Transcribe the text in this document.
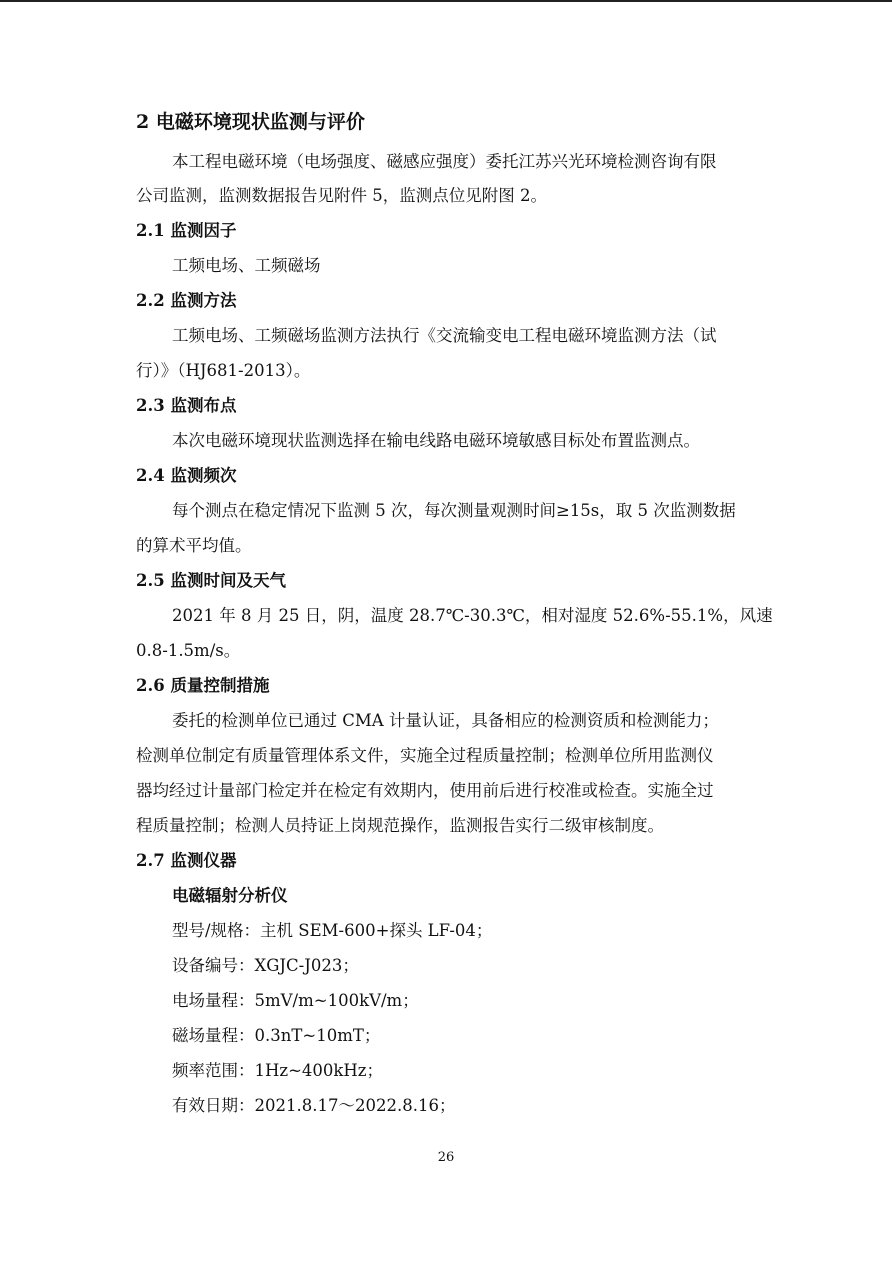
2 电磁环境现状监测与评价
本工程电磁环境（电场强度、磁感应强度）委托江苏兴光环境检测咨询有限
公司监测，监测数据报告见附件 5，监测点位见附图 2。
2.1 监测因子
工频电场、工频磁场
2.2 监测方法
工频电场、工频磁场监测方法执行《交流输变电工程电磁环境监测方法（试
行）》（HJ681-2013）。
2.3 监测布点
本次电磁环境现状监测选择在输电线路电磁环境敏感目标处布置监测点。
2.4 监测频次
每个测点在稳定情况下监测 5 次，每次测量观测时间≥15s，取 5 次监测数据
的算术平均值。
2.5 监测时间及天气
2021 年 8 月 25 日，阴，温度 28.7℃-30.3℃，相对湿度 52.6%-55.1%，风速
0.8-1.5m/s。
2.6 质量控制措施
委托的检测单位已通过 CMA 计量认证，具备相应的检测资质和检测能力；
检测单位制定有质量管理体系文件，实施全过程质量控制；检测单位所用监测仪
器均经过计量部门检定并在检定有效期内，使用前后进行校准或检查。实施全过
程质量控制；检测人员持证上岗规范操作，监测报告实行二级审核制度。
2.7 监测仪器
电磁辐射分析仪
型号/规格：主机 SEM-600+探头 LF-04；
设备编号：XGJC-J023；
电场量程：5mV/m~100kV/m；
磁场量程：0.3nT~10mT；
频率范围：1Hz~400kHz；
有效日期：2021.8.17～2022.8.16；
26
